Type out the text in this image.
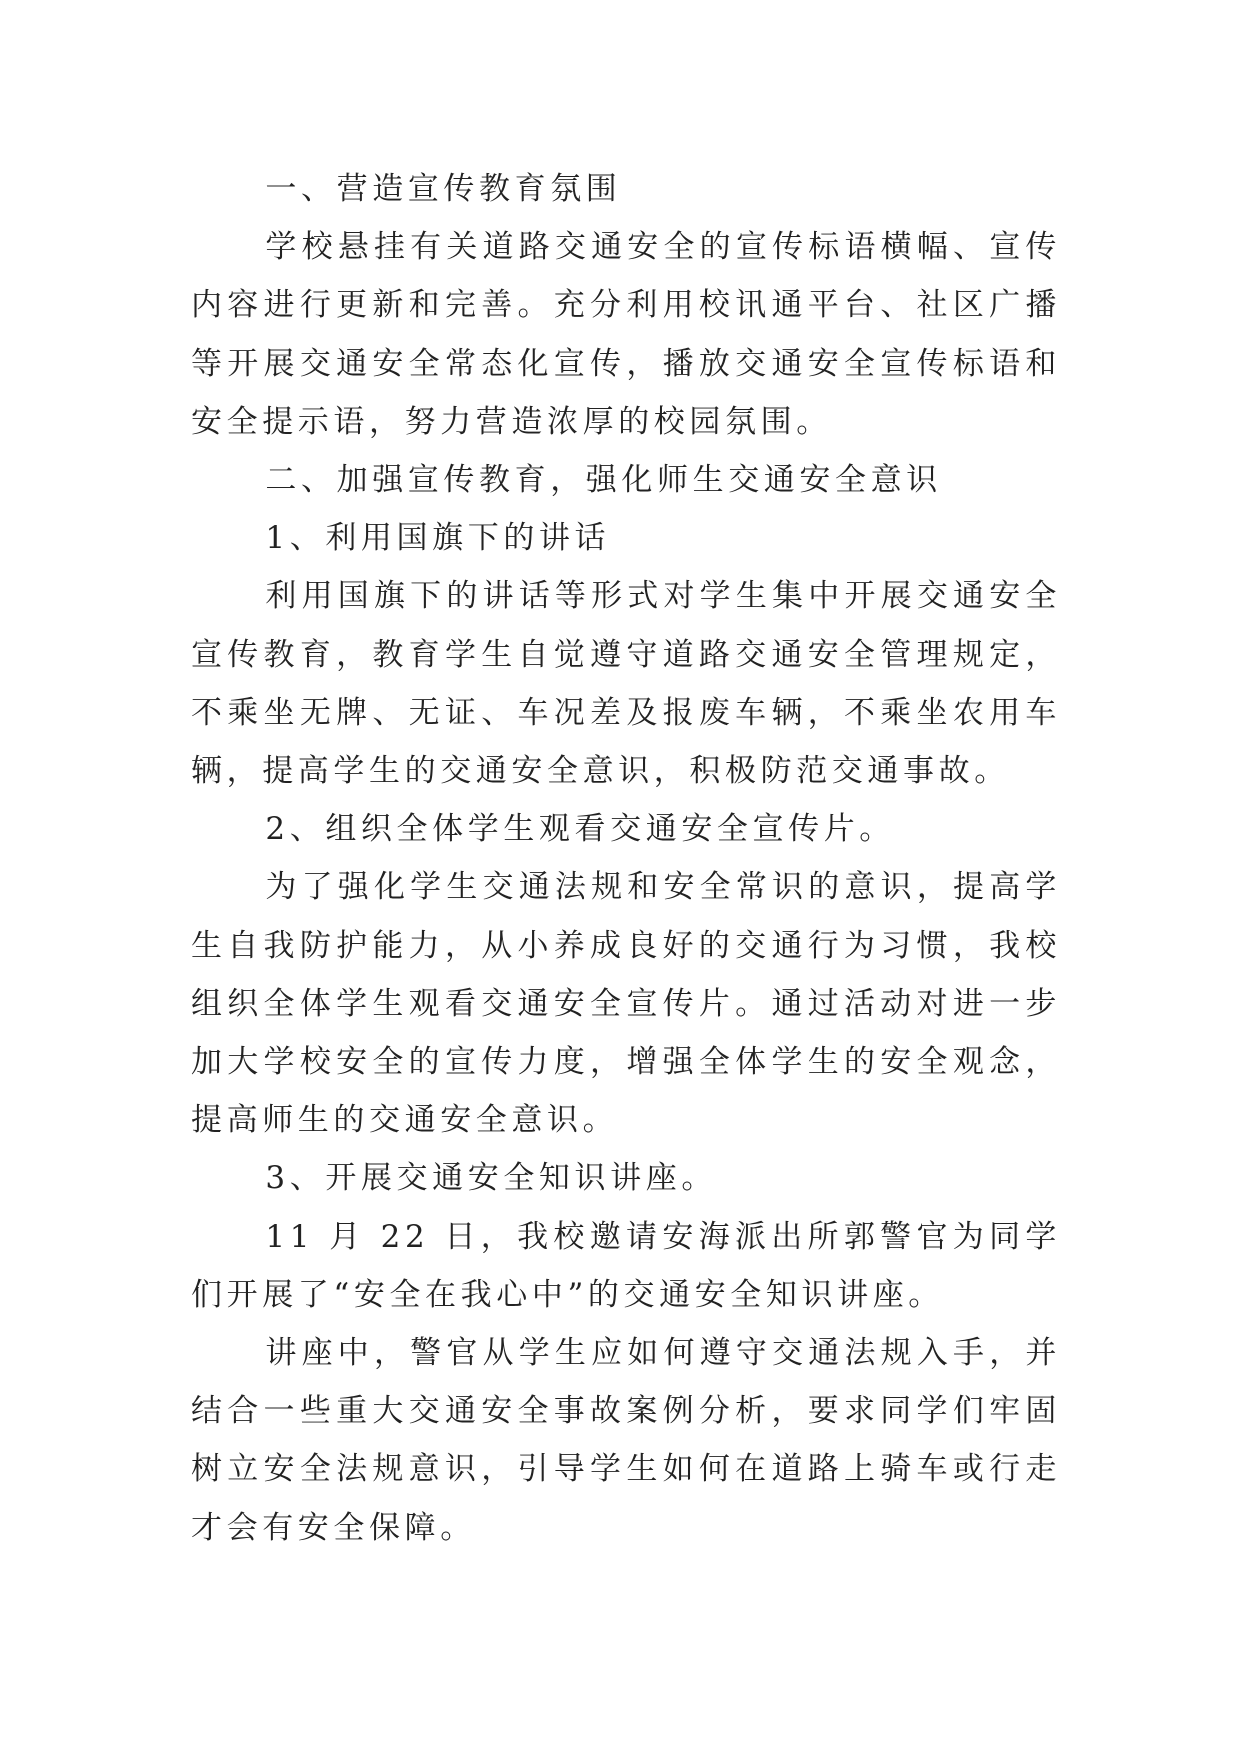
一、营造宣传教育氛围

学校悬挂有关道路交通安全的宣传标语横幅、宣传内容进行更新和完善。充分利用校讯通平台、社区广播等开展交通安全常态化宣传，播放交通安全宣传标语和安全提示语，努力营造浓厚的校园氛围。

二、加强宣传教育，强化师生交通安全意识

1、利用国旗下的讲话

利用国旗下的讲话等形式对学生集中开展交通安全宣传教育，教育学生自觉遵守道路交通安全管理规定，不乘坐无牌、无证、车况差及报废车辆，不乘坐农用车辆，提高学生的交通安全意识，积极防范交通事故。

2、组织全体学生观看交通安全宣传片。

为了强化学生交通法规和安全常识的意识，提高学生自我防护能力，从小养成良好的交通行为习惯，我校组织全体学生观看交通安全宣传片。通过活动对进一步加大学校安全的宣传力度，增强全体学生的安全观念，提高师生的交通安全意识。

3、开展交通安全知识讲座。

11 月 22 日，我校邀请安海派出所郭警官为同学们开展了“安全在我心中”的交通安全知识讲座。

讲座中，警官从学生应如何遵守交通法规入手，并结合一些重大交通安全事故案例分析，要求同学们牢固树立安全法规意识，引导学生如何在道路上骑车或行走才会有安全保障。
